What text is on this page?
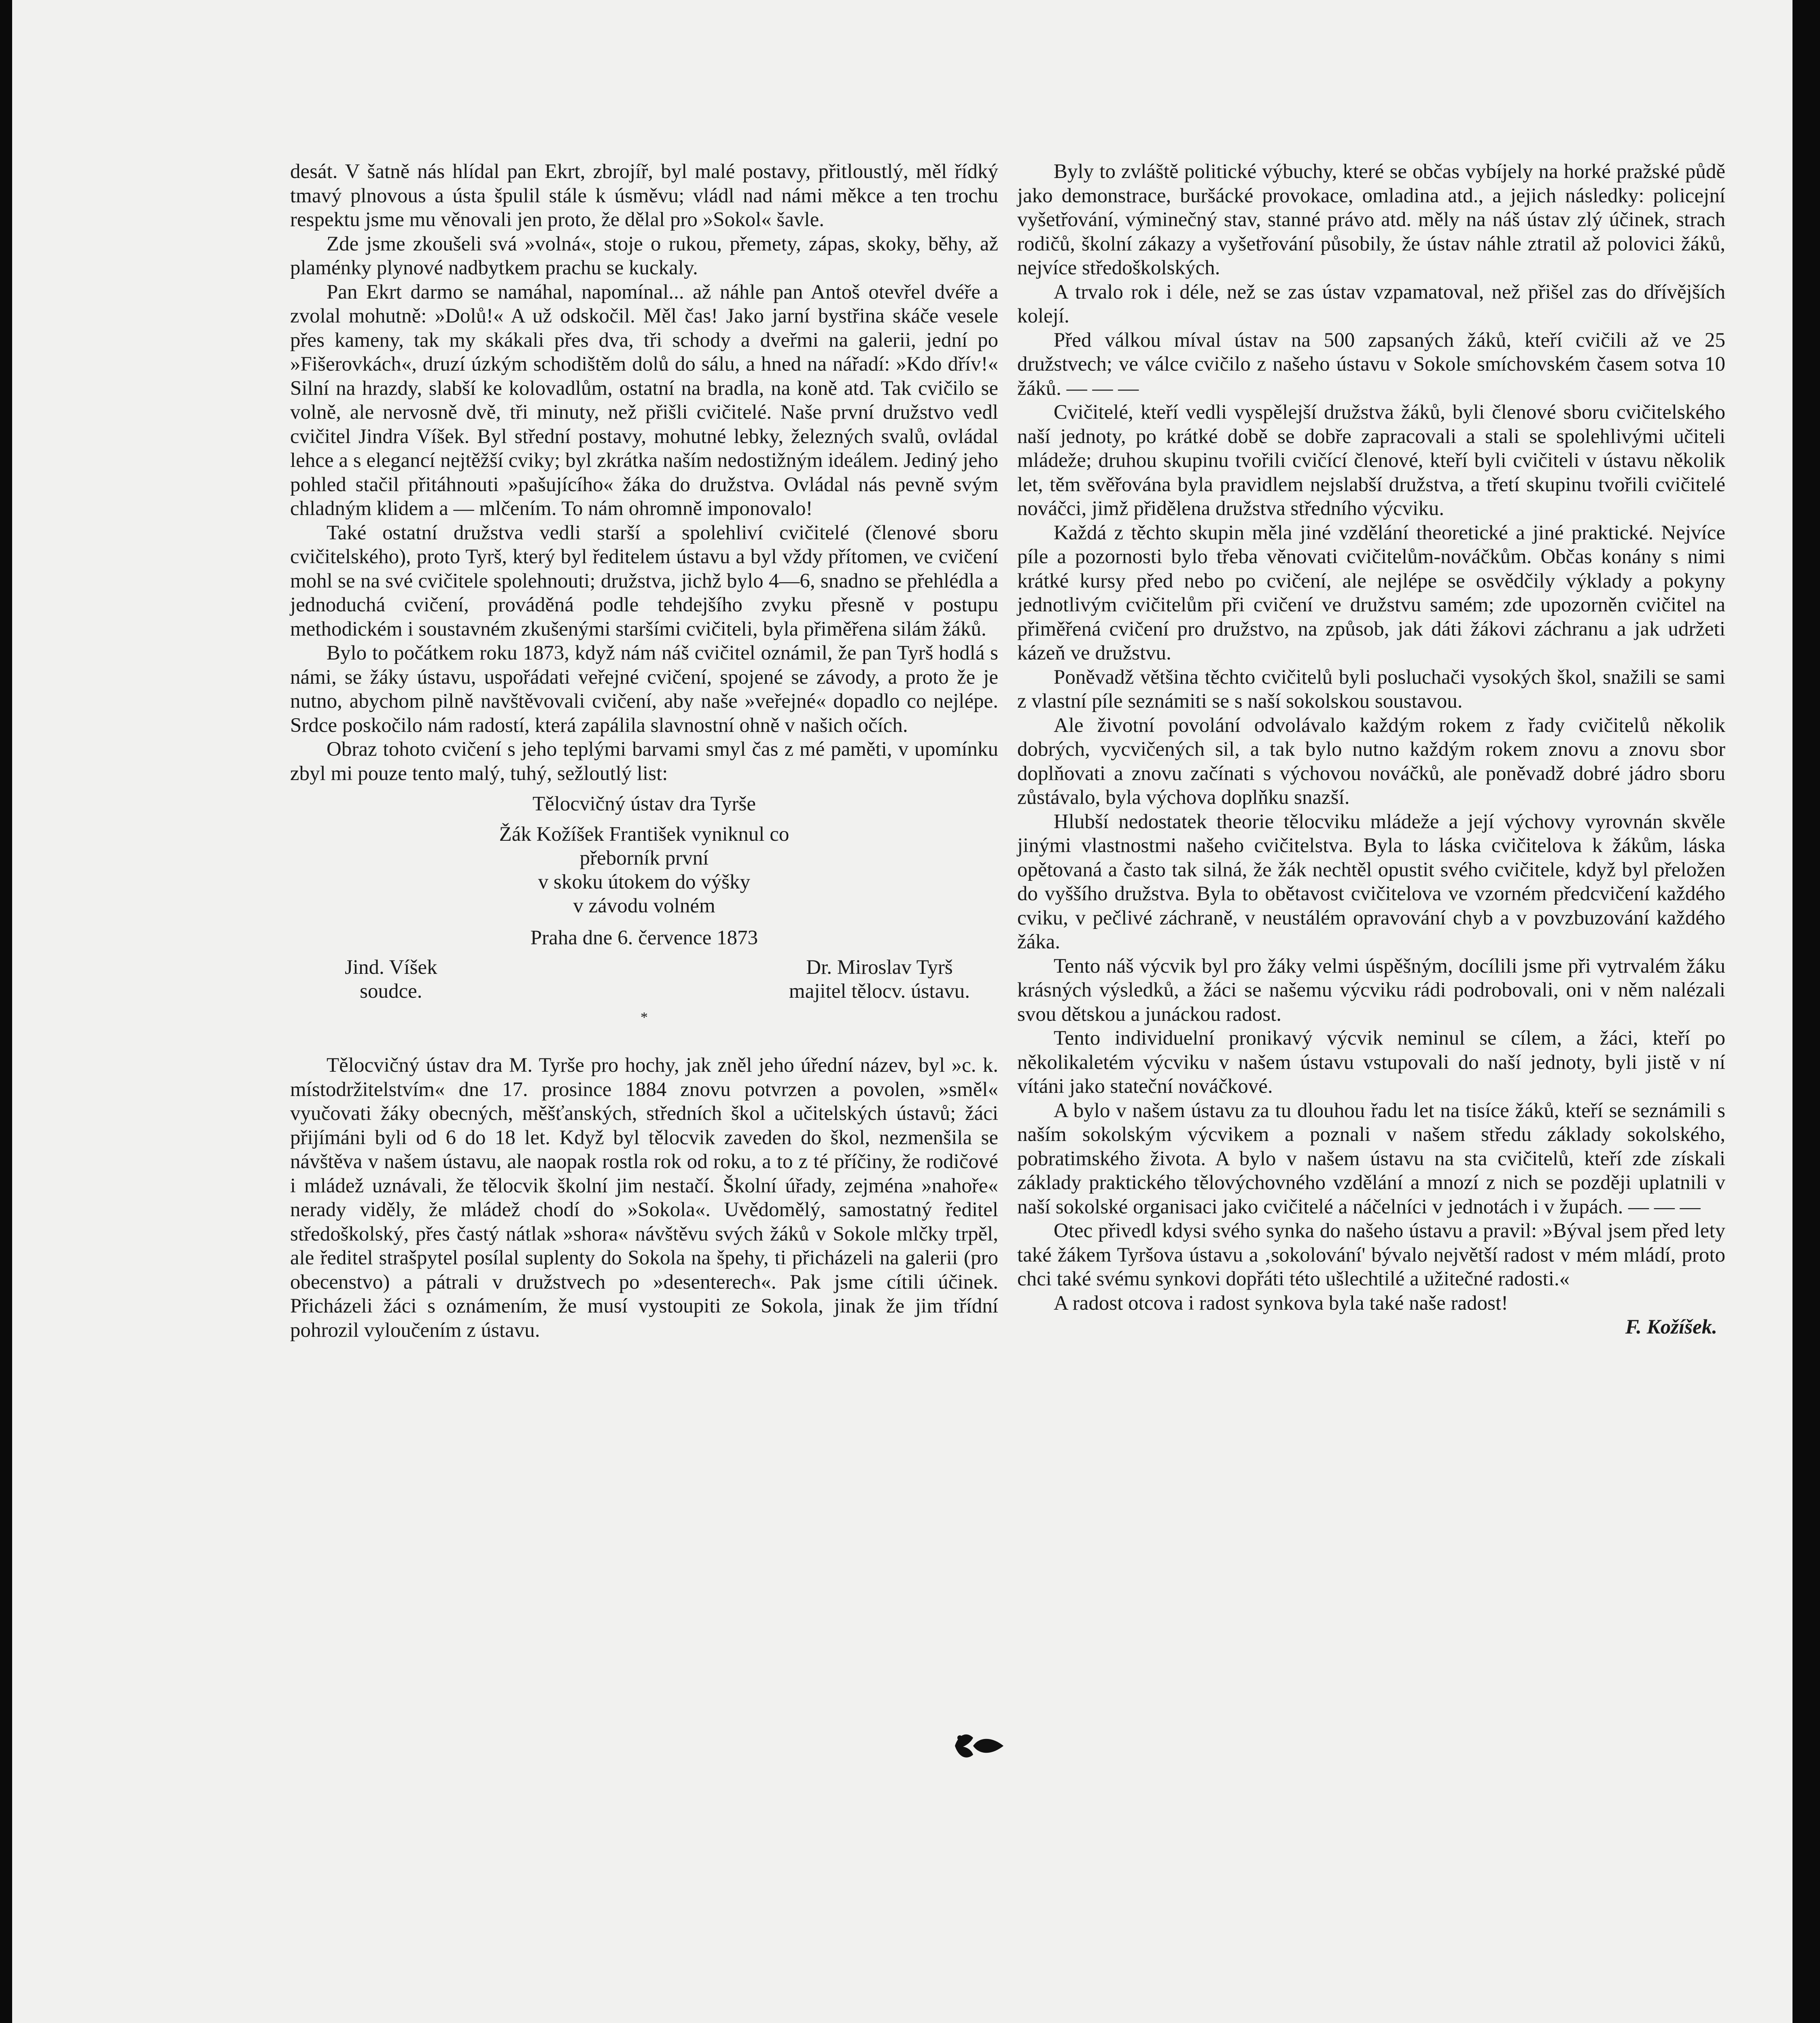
desát. V šatně nás hlídal pan Ekrt, zbrojíř, byl malé postavy, přitloustlý, měl řídký tmavý plnovous a ústa špulil stále k úsměvu; vládl nad námi měkce a ten trochu respektu jsme mu věnovali jen proto, že dělal pro »Sokol« šavle.

Zde jsme zkoušeli svá »volná«, stoje o rukou, přemety, zápas, skoky, běhy, až plaménky plynové nadbytkem prachu se kuckaly.

Pan Ekrt darmo se namáhal, napomínal... až náhle pan Antoš otevřel dvéře a zvolal mohutně: »Dolů!« A už odskočil. Měl čas! Jako jarní bystřina skáče vesele přes kameny, tak my skákali přes dva, tři schody a dveřmi na galerii, jední po »Fišerovkách«, druzí úzkým schodištěm dolů do sálu, a hned na nářadí: »Kdo dřív!« Silní na hrazdy, slabší ke kolovadlům, ostatní na bradla, na koně atd. Tak cvičilo se volně, ale nervosně dvě, tři minuty, než přišli cvičitelé. Naše první družstvo vedl cvičitel Jindra Víšek. Byl střední postavy, mohutné lebky, železných svalů, ovládal lehce a s elegancí nejtěžší cviky; byl zkrátka naším nedostižným ideálem. Jediný jeho pohled stačil přitáhnouti »pašujícího« žáka do družstva. Ovládal nás pevně svým chladným klidem a — mlčením. To nám ohromně imponovalo!

Také ostatní družstva vedli starší a spolehliví cvičitelé (členové sboru cvičitelského), proto Tyrš, který byl ředitelem ústavu a byl vždy přítomen, ve cvičení mohl se na své cvičitele spolehnouti; družstva, jichž bylo 4—6, snadno se přehlédla a jednoduchá cvičení, prováděná podle tehdejšího zvyku přesně v postupu methodickém i soustavném zkušenými staršími cvičiteli, byla přiměřena silám žáků.

Bylo to počátkem roku 1873, když nám náš cvičitel oznámil, že pan Tyrš hodlá s námi, se žáky ústavu, uspořádati veřejné cvičení, spojené se závody, a proto že je nutno, abychom pilně navštěvovali cvičení, aby naše »veřejné« dopadlo co nejlépe. Srdce poskočilo nám radostí, která zapálila slavnostní ohně v našich očích.

Obraz tohoto cvičení s jeho teplými barvami smyl čas z mé paměti, v upomínku zbyl mi pouze tento malý, tuhý, sežloutlý list:

Tělocvičný ústav dra Tyrše
Žák Kožíšek František vyniknul co
přeborník první
v skoku útokem do výšky
v závodu volném
Praha dne 6. července 1873
Jind. Víšek
soudce.
Dr. Miroslav Tyrš
majitel tělocv. ústavu.
*

Tělocvičný ústav dra M. Tyrše pro hochy, jak zněl jeho úřední název, byl »c. k. místodržitelstvím« dne 17. prosince 1884 znovu potvrzen a povolen, »směl« vyučovati žáky obecných, měšťanských, středních škol a učitelských ústavů; žáci přijímáni byli od 6 do 18 let. Když byl tělocvik zaveden do škol, nezmenšila se návštěva v našem ústavu, ale naopak rostla rok od roku, a to z té příčiny, že rodičové i mládež uznávali, že tělocvik školní jim nestačí. Školní úřady, zejména »nahoře« nerady viděly, že mládež chodí do »Sokola«. Uvědomělý, samostatný ředitel středoškolský, přes častý nátlak »shora« návštěvu svých žáků v Sokole mlčky trpěl, ale ředitel strašpytel posílal suplenty do Sokola na špehy, ti přicházeli na galerii (pro obecenstvo) a pátrali v družstvech po »desenterech«. Pak jsme cítili účinek. Přicházeli žáci s oznámením, že musí vystoupiti ze Sokola, jinak že jim třídní pohrozil vyloučením z ústavu.

Byly to zvláště politické výbuchy, které se občas vybíjely na horké pražské půdě jako demonstrace, buršácké provokace, omladina atd., a jejich následky: policejní vyšetřování, výminečný stav, stanné právo atd. měly na náš ústav zlý účinek, strach rodičů, školní zákazy a vyšetřování působily, že ústav náhle ztratil až polovici žáků, nejvíce středoškolských.

A trvalo rok i déle, než se zas ústav vzpamatoval, než přišel zas do dřívějších kolejí.

Před válkou míval ústav na 500 zapsaných žáků, kteří cvičili až ve 25 družstvech; ve válce cvičilo z našeho ústavu v Sokole smíchovském časem sotva 10 žáků. — — —

Cvičitelé, kteří vedli vyspělejší družstva žáků, byli členové sboru cvičitelského naší jednoty, po krátké době se dobře zapracovali a stali se spolehlivými učiteli mládeže; druhou skupinu tvořili cvičící členové, kteří byli cvičiteli v ústavu několik let, těm svěřována byla pravidlem nejslabší družstva, a třetí skupinu tvořili cvičitelé nováčci, jimž přidělena družstva středního výcviku.

Každá z těchto skupin měla jiné vzdělání theoretické a jiné praktické. Nejvíce píle a pozornosti bylo třeba věnovati cvičitelům-nováčkům. Občas konány s nimi krátké kursy před nebo po cvičení, ale nejlépe se osvědčily výklady a pokyny jednotlivým cvičitelům při cvičení ve družstvu samém; zde upozorněn cvičitel na přiměřená cvičení pro družstvo, na způsob, jak dáti žákovi záchranu a jak udržeti kázeň ve družstvu.

Poněvadž většina těchto cvičitelů byli posluchači vysokých škol, snažili se sami z vlastní píle seznámiti se s naší sokolskou soustavou.

Ale životní povolání odvolávalo každým rokem z řady cvičitelů několik dobrých, vycvičených sil, a tak bylo nutno každým rokem znovu a znovu sbor doplňovati a znovu začínati s výchovou nováčků, ale poněvadž dobré jádro sboru zůstávalo, byla výchova doplňku snazší.

Hlubší nedostatek theorie tělocviku mládeže a její výchovy vyrovnán skvěle jinými vlastnostmi našeho cvičitelstva. Byla to láska cvičitelova k žákům, láska opětovaná a často tak silná, že žák nechtěl opustit svého cvičitele, když byl přeložen do vyššího družstva. Byla to obětavost cvičitelova ve vzorném předcvičení každého cviku, v pečlivé záchraně, v neustálém opravování chyb a v povzbuzování každého žáka.

Tento náš výcvik byl pro žáky velmi úspěšným, docílili jsme při vytrvalém žáku krásných výsledků, a žáci se našemu výcviku rádi podrobovali, oni v něm nalézali svou dětskou a junáckou radost.

Tento individuelní pronikavý výcvik neminul se cílem, a žáci, kteří po několikaletém výcviku v našem ústavu vstupovali do naší jednoty, byli jistě v ní vítáni jako stateční nováčkové.

A bylo v našem ústavu za tu dlouhou řadu let na tisíce žáků, kteří se seznámili s naším sokolským výcvikem a poznali v našem středu základy sokolského, pobratimského života. A bylo v našem ústavu na sta cvičitelů, kteří zde získali základy praktického tělovýchovného vzdělání a mnozí z nich se později uplatnili v naší sokolské organisaci jako cvičitelé a náčelníci v jednotách i v župách. — — —

Otec přivedl kdysi svého synka do našeho ústavu a pravil: »Býval jsem před lety také žákem Tyršova ústavu a ‚sokolování' bývalo největší radost v mém mládí, proto chci také svému synkovi dopřáti této ušlechtilé a užitečné radosti.«

A radost otcova i radost synkova byla také naše radost!

F. Kožíšek.
